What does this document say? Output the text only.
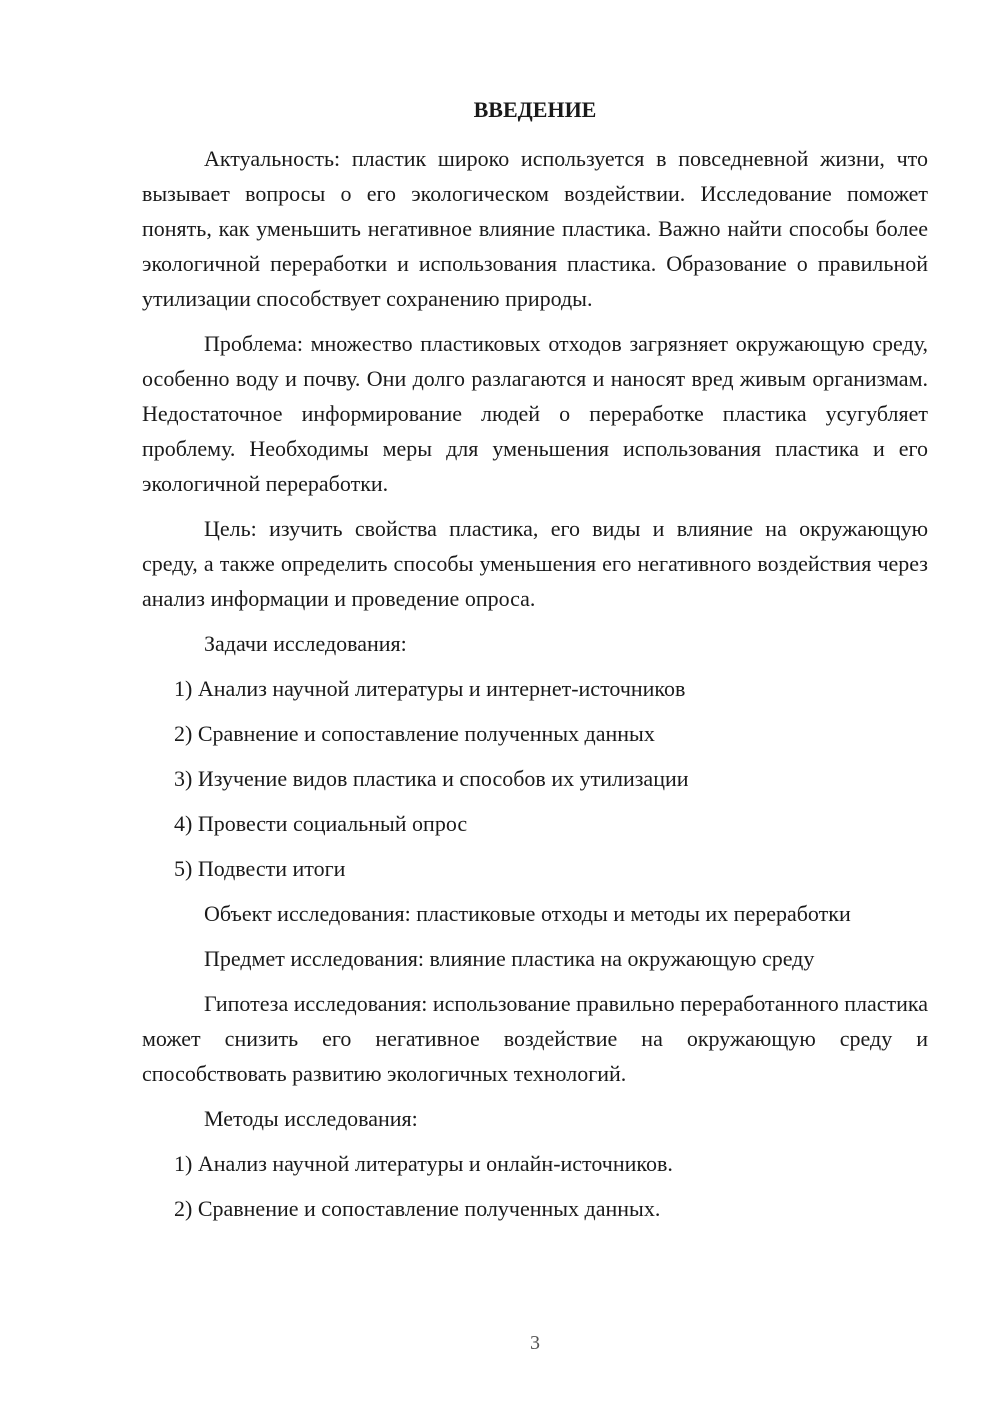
ВВЕДЕНИЕ

Актуальность: пластик широко используется в повседневной жизни, что вызывает вопросы о его экологическом воздействии. Исследование поможет понять, как уменьшить негативное влияние пластика. Важно найти способы более экологичной переработки и использования пластика. Образование о правильной утилизации способствует сохранению природы.

Проблема: множество пластиковых отходов загрязняет окружающую среду, особенно воду и почву. Они долго разлагаются и наносят вред живым организмам. Недостаточное информирование людей о переработке пластика усугубляет проблему. Необходимы меры для уменьшения использования пластика и его экологичной переработки.

Цель: изучить свойства пластика, его виды и влияние на окружающую среду, а также определить способы уменьшения его негативного воздействия через анализ информации и проведение опроса.

Задачи исследования:

1) Анализ научной литературы и интернет-источников
2) Сравнение и сопоставление полученных данных
3) Изучение видов пластика и способов их утилизации
4) Провести социальный опрос
5) Подвести итоги

Объект исследования: пластиковые отходы и методы их переработки

Предмет исследования: влияние пластика на окружающую среду

Гипотеза исследования: использование правильно переработанного пластика может снизить его негативное воздействие на окружающую среду и способствовать развитию экологичных технологий.

Методы исследования:

1) Анализ научной литературы и онлайн-источников.
2) Сравнение и сопоставление полученных данных.
3
